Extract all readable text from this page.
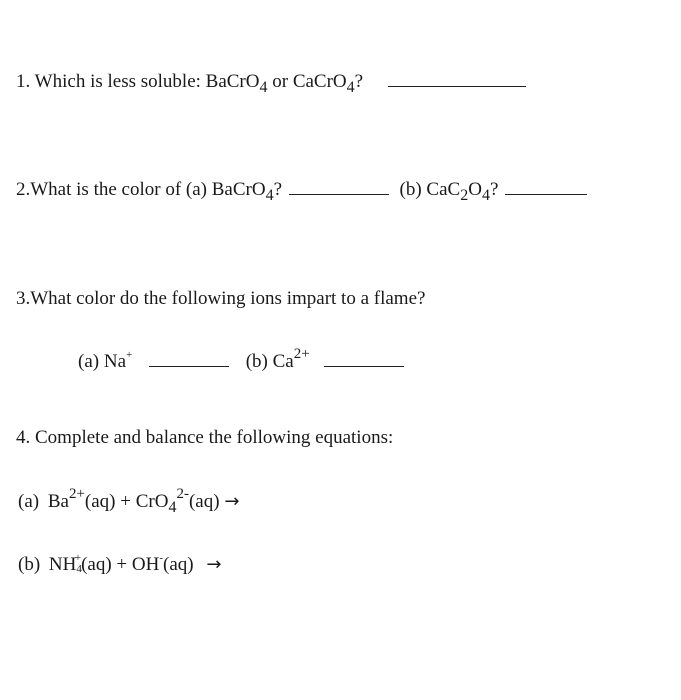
1. Which is less soluble: BaCrO$_4$ or CaCrO$_4$?
2.What is the color of (a) BaCrO$_4$?	(b) $CaC_2O_4$?
3.What color do the following ions impart to a flame?
(a) Na+	(b) $Ca^{2+}$
4. Complete and balance the following equations:
(a) $Ba^{2+}(aq) + CrO_4^{2-}(aq)$ →
(b) NH4+(aq) + OH-(aq) →
